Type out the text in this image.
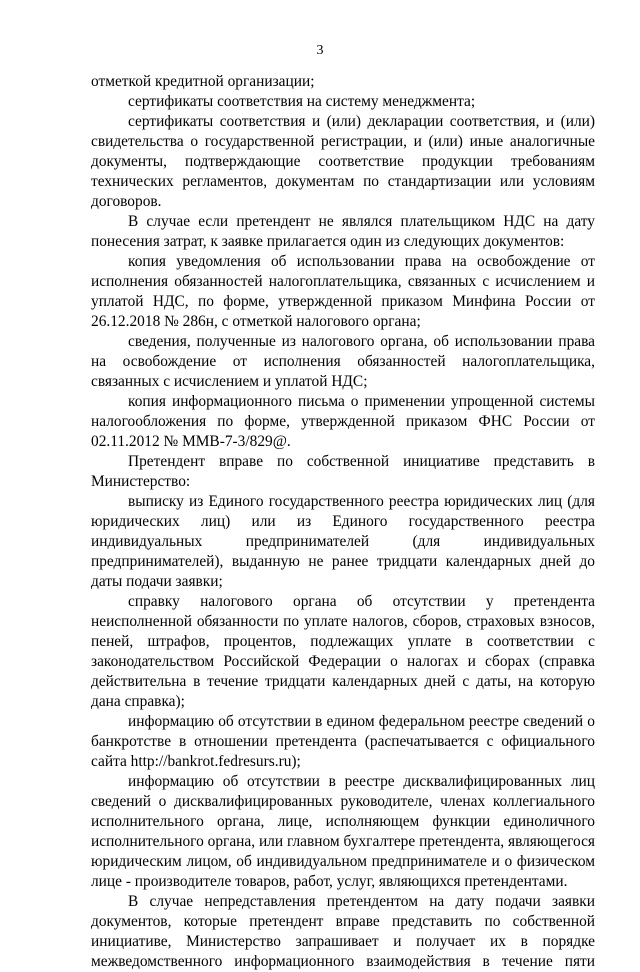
3

отметкой кредитной организации;

сертификаты соответствия на систему менеджмента;

сертификаты соответствия и (или) декларации соответствия, и (или) свидетельства о государственной регистрации, и (или) иные аналогичные документы, подтверждающие соответствие продукции требованиям технических регламентов, документам по стандартизации или условиям договоров.

В случае если претендент не являлся плательщиком НДС на дату понесения затрат, к заявке прилагается один из следующих документов:

копия уведомления об использовании права на освобождение от исполнения обязанностей налогоплательщика, связанных с исчислением и уплатой НДС, по форме, утвержденной приказом Минфина России от 26.12.2018 № 286н, с отметкой налогового органа;

сведения, полученные из налогового органа, об использовании права на освобождение от исполнения обязанностей налогоплательщика, связанных с исчислением и уплатой НДС;

копия информационного письма о применении упрощенной системы налогообложения по форме, утвержденной приказом ФНС России от 02.11.2012 № ММВ-7-3/829@.

Претендент вправе по собственной инициативе представить в Министерство:

выписку из Единого государственного реестра юридических лиц (для юридических лиц) или из Единого государственного реестра индивидуальных предпринимателей (для индивидуальных предпринимателей), выданную не ранее тридцати календарных дней до даты подачи заявки;

справку налогового органа об отсутствии у претендента неисполненной обязанности по уплате налогов, сборов, страховых взносов, пеней, штрафов, процентов, подлежащих уплате в соответствии с законодательством Российской Федерации о налогах и сборах (справка действительна в течение тридцати календарных дней с даты, на которую дана справка);

информацию об отсутствии в едином федеральном реестре сведений о банкротстве в отношении претендента (распечатывается с официального сайта http://bankrot.fedresurs.ru);

информацию об отсутствии в реестре дисквалифицированных лиц сведений о дисквалифицированных руководителе, членах коллегиального исполнительного органа, лице, исполняющем функции единоличного исполнительного органа, или главном бухгалтере претендента, являющегося юридическим лицом, об индивидуальном предпринимателе и о физическом лице - производителе товаров, работ, услуг, являющихся претендентами.

В случае непредставления претендентом на дату подачи заявки документов, которые претендент вправе представить по собственной инициативе, Министерство запрашивает и получает их в порядке межведомственного информационного взаимодействия в течение пяти
